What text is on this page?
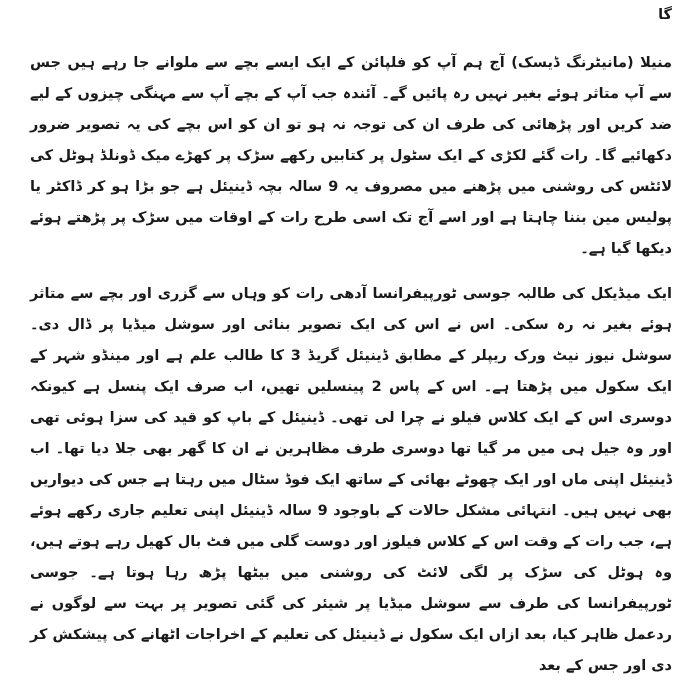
گا

منیلا (مانیٹرنگ ڈیسک) آج ہم آپ کو فلپائن کے ایک ایسے بچے سے ملوانے جا رہے ہیں جس سے آپ متاثر ہوئے بغیر نہیں رہ پائیں گے۔ آئندہ جب آپ کے بچے آپ سے مہنگی چیزوں کے لیے ضد کریں اور پڑھائی کی طرف ان کی توجہ نہ ہو تو ان کو اس بچے کی یہ تصویر ضرور دکھائیے گا۔ رات گئے لکڑی کے ایک سٹول پر کتابیں رکھے سڑک پر کھڑے میک ڈونلڈ ہوٹل کی لائٹس کی روشنی میں پڑھنے میں مصروف یہ 9 سالہ بچہ ڈینیئل ہے جو بڑا ہو کر ڈاکٹر یا پولیس مین بننا چاہتا ہے اور اسے آج تک اسی طرح رات کے اوقات میں سڑک پر پڑھتے ہوئے دیکھا گیا ہے۔

ایک میڈیکل کی طالبہ جوسی ٹورپیفرانسا آدھی رات کو وہاں سے گزری اور بچے سے متاثر ہوئے بغیر نہ رہ سکی۔ اس نے اس کی ایک تصویر بنائی اور سوشل میڈیا پر ڈال دی۔ سوشل نیوز نیٹ ورک ریپلر کے مطابق ڈینیئل گریڈ 3 کا طالب علم ہے اور مینڈو شہر کے ایک سکول میں پڑھتا ہے۔ اس کے پاس 2 پینسلیں تھیں، اب صرف ایک پنسل ہے کیونکہ دوسری اس کے ایک کلاس فیلو نے چرا لی تھی۔ ڈینیئل کے باپ کو قید کی سزا ہوئی تھی اور وہ جیل ہی میں مر گیا تھا دوسری طرف مظاہرین نے ان کا گھر بھی جلا دیا تھا۔ اب ڈینیئل اپنی ماں اور ایک چھوٹے بھائی کے ساتھ ایک فوڈ سٹال میں رہتا ہے جس کی دیواریں بھی نہیں ہیں۔ انتہائی مشکل حالات کے باوجود 9 سالہ ڈینیئل اپنی تعلیم جاری رکھے ہوئے ہے، جب رات کے وقت اس کے کلاس فیلوز اور دوست گلی میں فٹ بال کھیل رہے ہوتے ہیں، وہ ہوٹل کی سڑک پر لگی لائٹ کی روشنی میں بیٹھا پڑھ رہا ہوتا ہے۔ جوسی ٹورپیفرانسا کی طرف سے سوشل میڈیا پر شیئر کی گئی تصویر پر بہت سے لوگوں نے ردعمل ظاہر کیا، بعد ازاں ایک سکول نے ڈینیئل کی تعلیم کے اخراجات اٹھانے کی پیشکش کر دی اور جس کے بعد
